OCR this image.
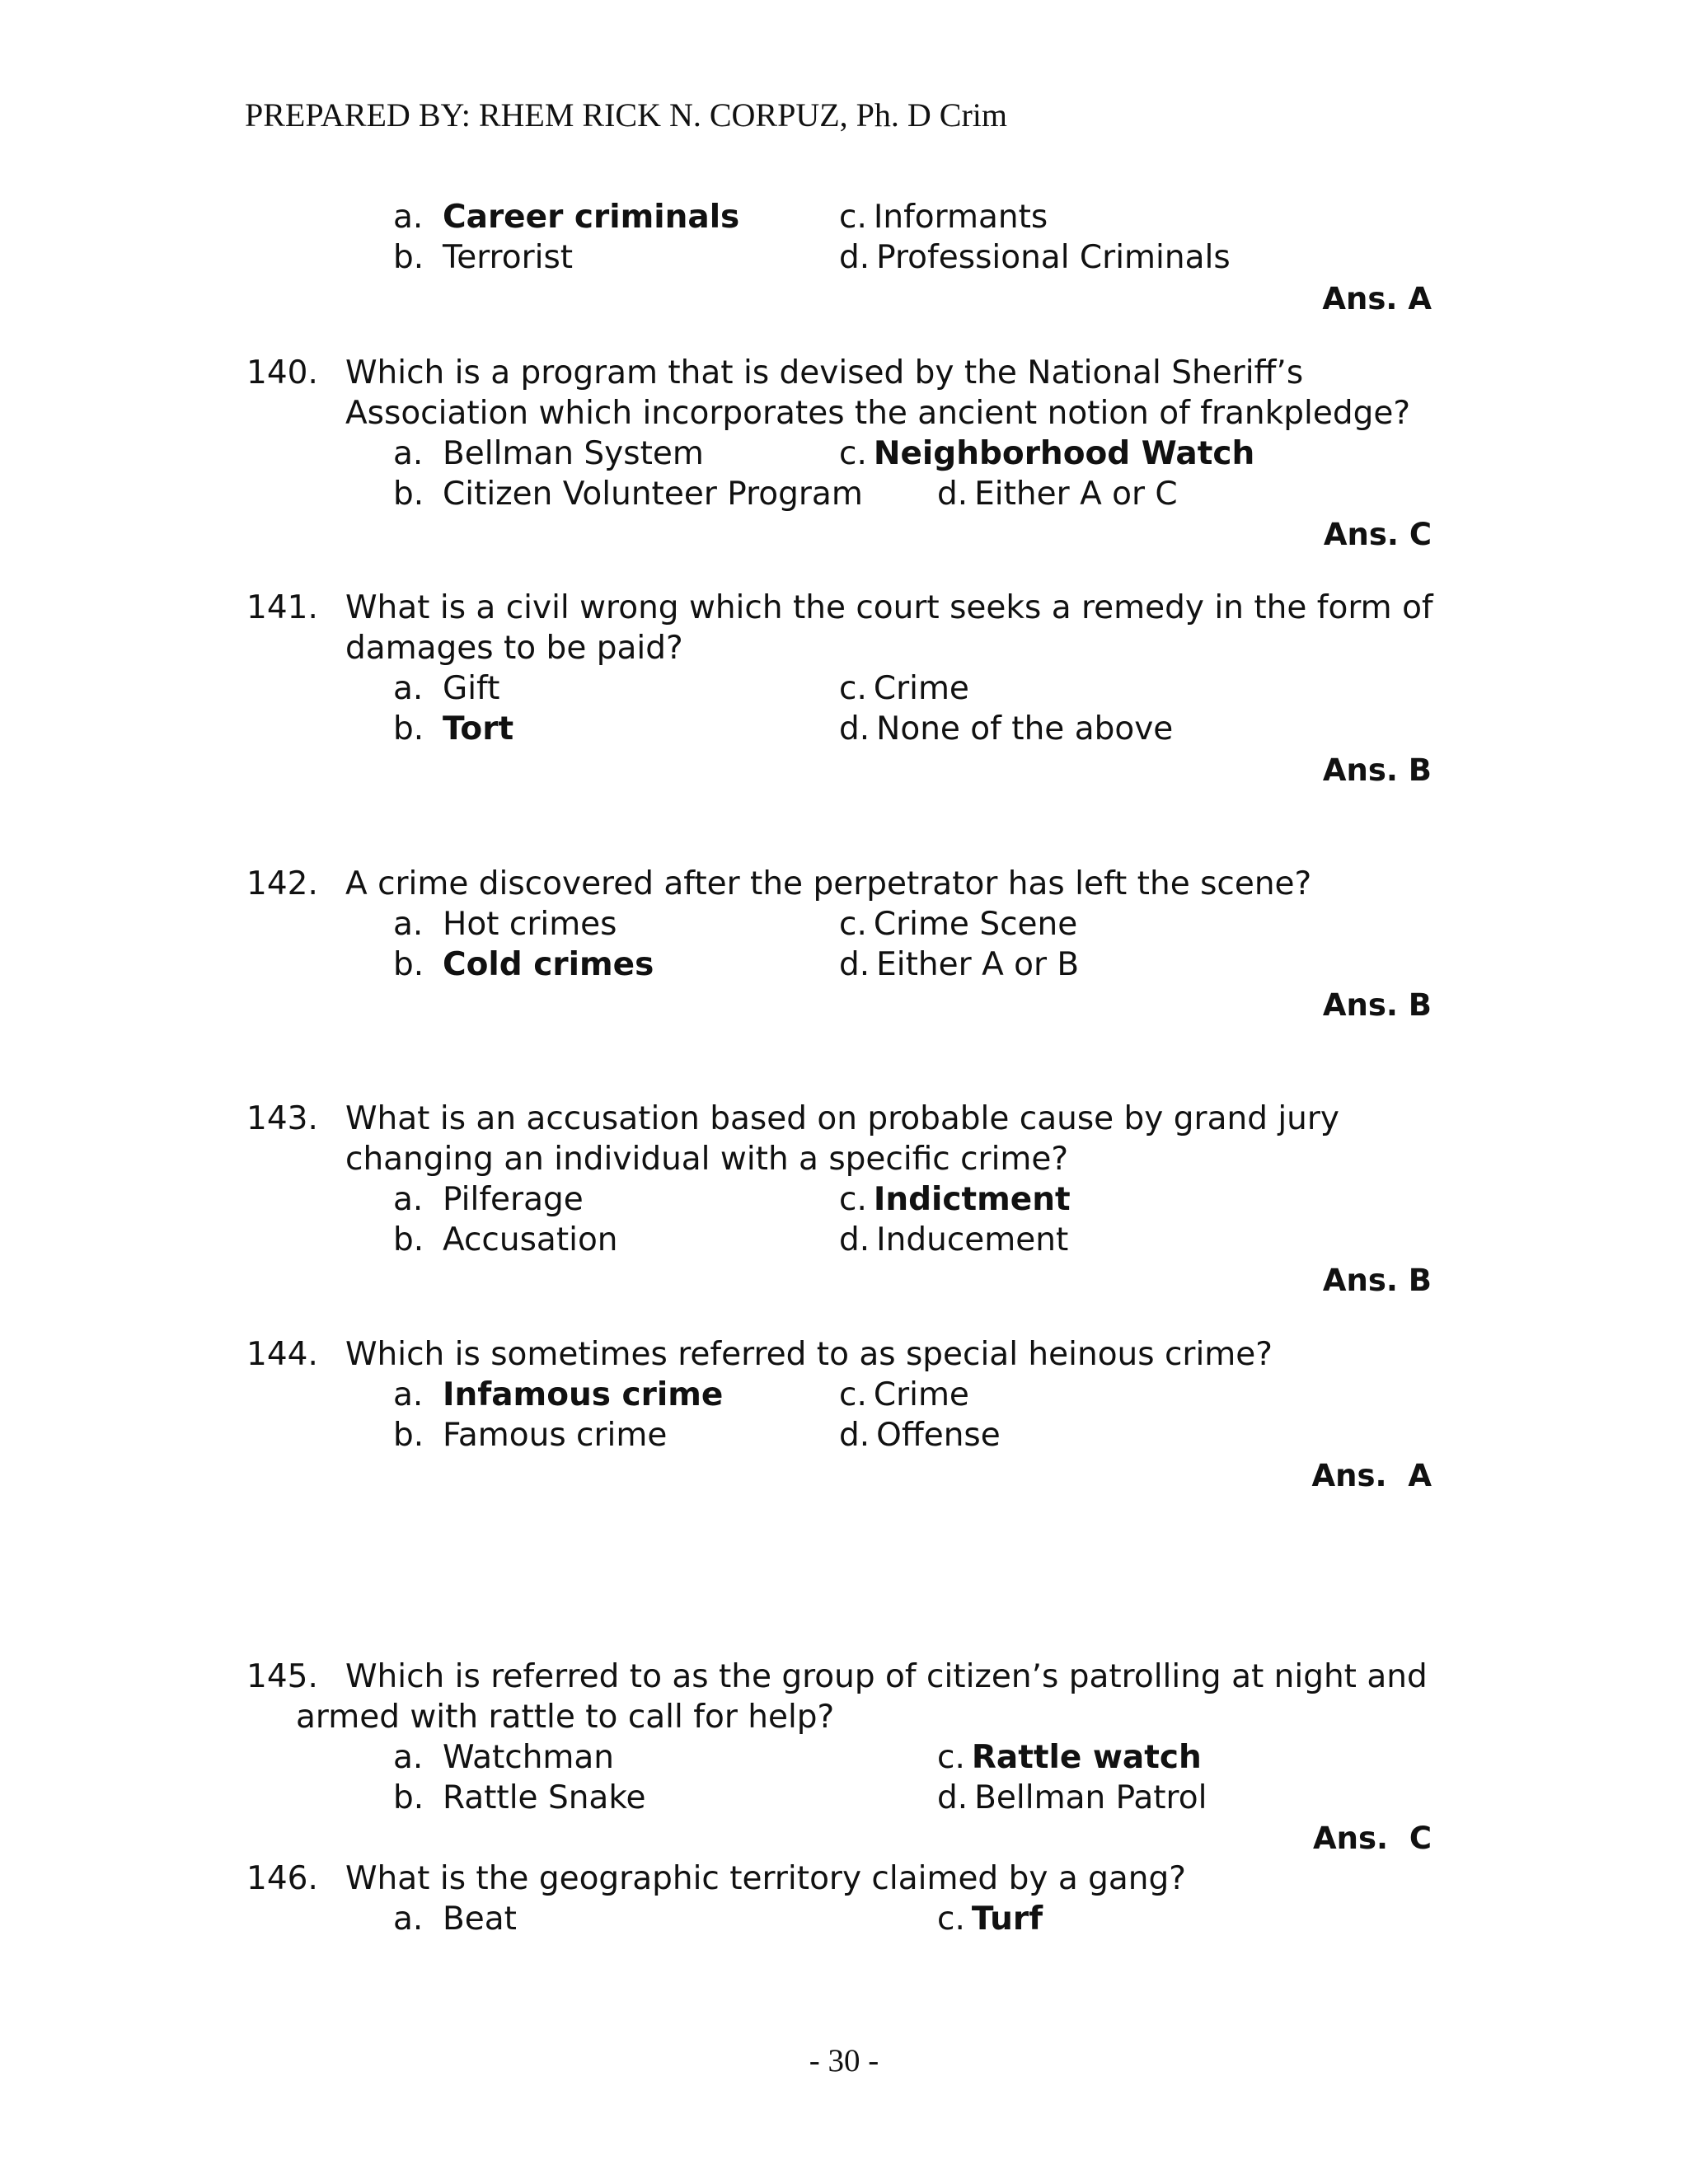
PREPARED BY: RHEM RICK N. CORPUZ, Ph. D Crim
a. Career criminals
b. Terrorist
c. Informants
d. Professional Criminals
Ans. A
140. Which is a program that is devised by the National Sheriff’s
Association which incorporates the ancient notion of frankpledge?
a. Bellman System
b. Citizen Volunteer Program
c. Neighborhood Watch
d. Either A or C
Ans. C
141. What is a civil wrong which the court seeks a remedy in the form of
damages to be paid?
a. Gift
b. Tort
c. Crime
d. None of the above
Ans. B
142. A crime discovered after the perpetrator has left the scene?
a. Hot crimes
b. Cold crimes
c. Crime Scene
d. Either A or B
Ans. B
143. What is an accusation based on probable cause by grand jury
changing an individual with a specific crime?
a. Pilferage
b. Accusation
c. Indictment
d. Inducement
Ans. B
144. Which is sometimes referred to as special heinous crime?
a. Infamous crime
b. Famous crime
c. Crime
d. Offense
Ans.  A
145. Which is referred to as the group of citizen’s patrolling at night and
armed with rattle to call for help?
a. Watchman
b. Rattle Snake
c. Rattle watch
d. Bellman Patrol
Ans.  C
146. What is the geographic territory claimed by a gang?
a. Beat	c. Turf
- 30 -
